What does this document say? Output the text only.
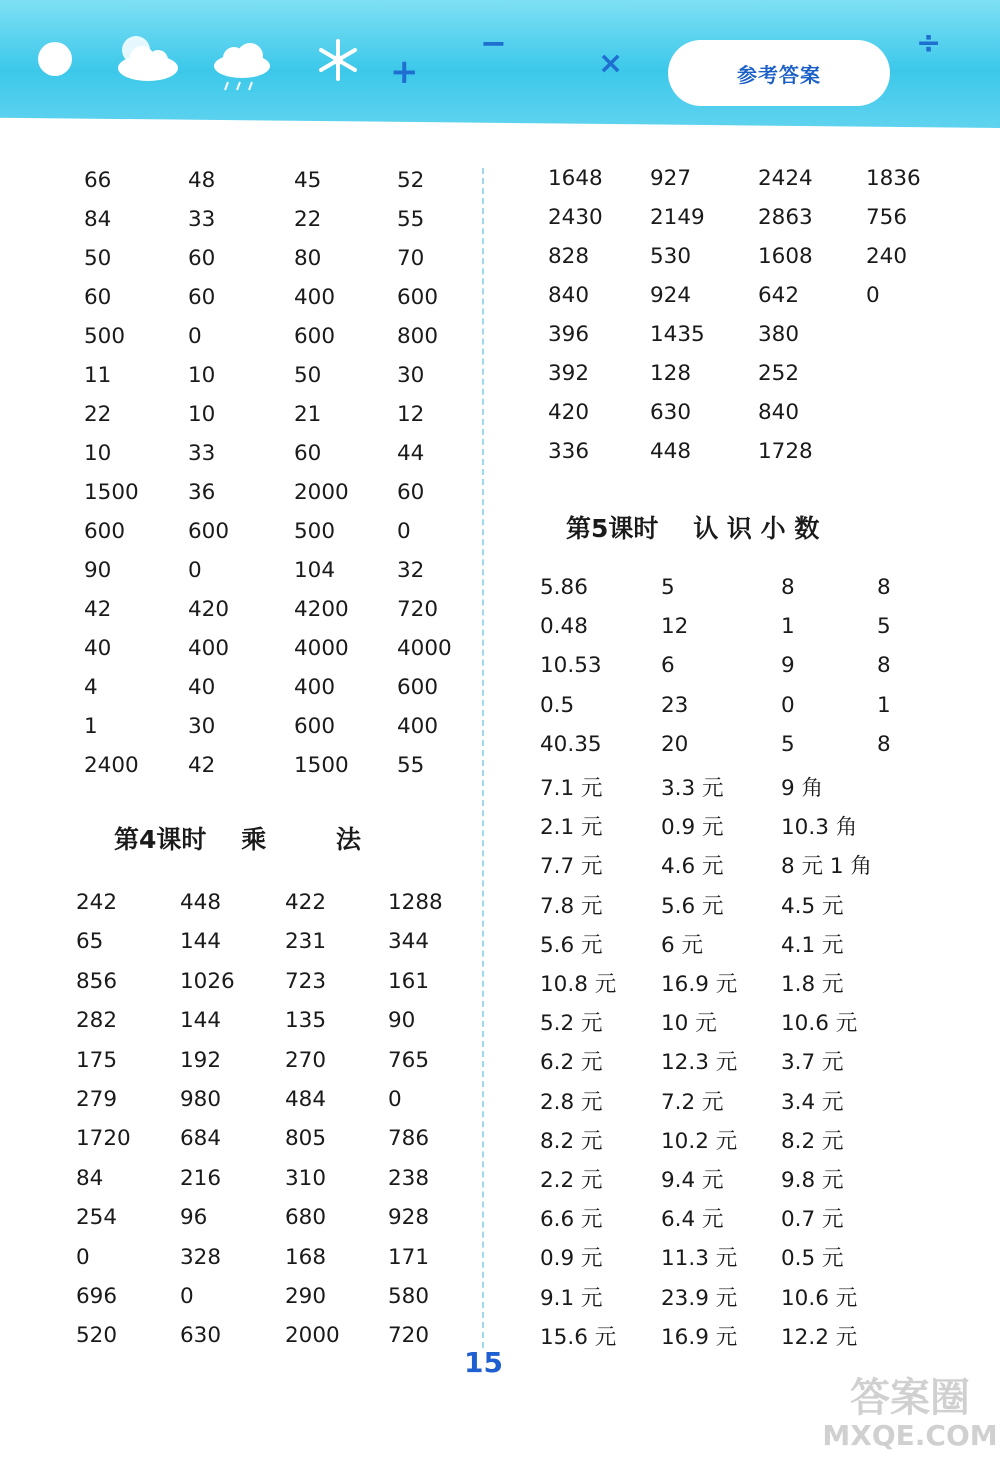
+
−
×
÷
参考答案
66	48	45	52
84	33	22	55
50	60	80	70
60	60	400	600
500	0	600	800
11	10	50	30
22	10	21	12
10	33	60	44
1500 36	2000 60
600	600	500	0
90	0	104	32
42	420	4200 720
40	400	4000 4000
4	40	400	600
1	30	600	400
2400 42	1500 55
第4课时    乘        法
242	448	422	1288
65	144	231	344
856	1026 723	161
282	144	135	90
175	192	270	765
279	980	484	0
1720 684	805	786
84	216	310	238
254	96	680	928
0	328	168	171
696	0	290	580
520	630	2000 720
1648 927	2424 1836
2430 2149 2863 756
828	530	1608 240
840	924	642	0
396	1435 380
392	128	252
420	630	840
336	448	1728
第5课时    认 识 小 数
5.86	5	8	8
0.48	12	1	5
10.53	6	9	8
0.5	23	0	1
40.35	20	5	8
7.1 元	3.3 元	9 角
2.1 元	0.9 元	10.3 角
7.7 元	4.6 元	8 元 1 角
7.8 元	5.6 元	4.5 元
5.6 元	6 元	4.1 元
10.8 元 16.9 元 1.8 元
5.2 元	10 元	10.6 元
6.2 元	12.3 元 3.7 元
2.8 元	7.2 元	3.4 元
8.2 元	10.2 元 8.2 元
2.2 元	9.4 元	9.8 元
6.6 元	6.4 元	0.7 元
0.9 元	11.3 元 0.5 元
9.1 元	23.9 元 10.6 元
15.6 元 16.9 元 12.2 元
15
答案圈
MXQE.COM
